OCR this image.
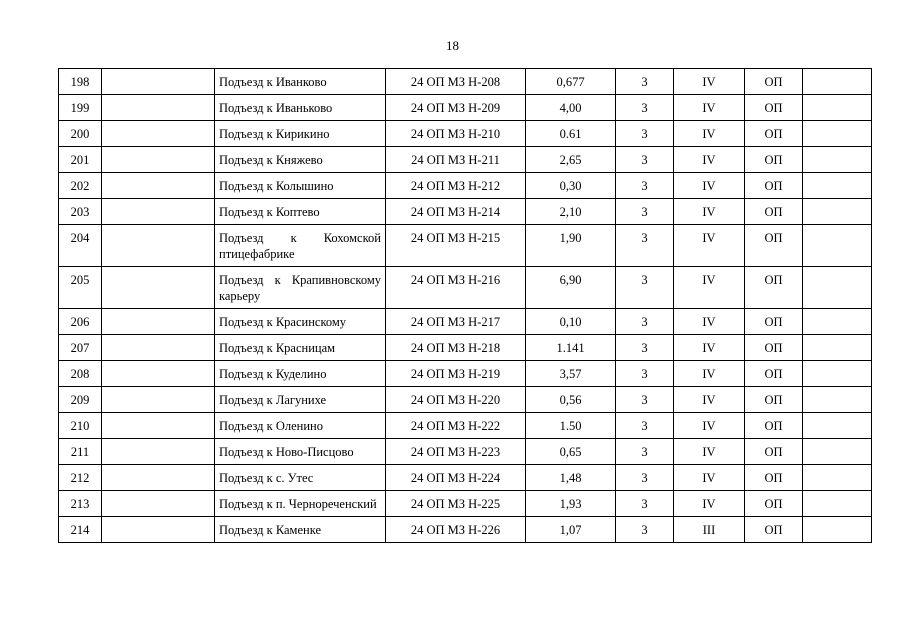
18
198		Подъезд к Иванково	24 ОП МЗ Н-208	0,677	3	IV	ОП	
199		Подъезд к Иваньково	24 ОП МЗ Н-209	4,00	3	IV	ОП	
200		Подъезд к Кирикино	24 ОП МЗ Н-210	0.61	3	IV	ОП	
201		Подъезд к Княжево	24 ОП МЗ Н-211	2,65	3	IV	ОП	
202		Подъезд к Колышино	24 ОП МЗ Н-212	0,30	3	IV	ОП	
203		Подъезд к Коптево	24 ОП МЗ Н-214	2,10	3	IV	ОП	
204		Подъезд к Кохомской птицефабрике	24 ОП МЗ Н-215	1,90	3	IV	ОП	
205		Подъезд к Крапивновскому карьеру	24 ОП МЗ Н-216	6,90	3	IV	ОП	
206		Подъезд к Красинскому	24 ОП МЗ Н-217	0,10	3	IV	ОП	
207		Подъезд к Красницам	24 ОП МЗ Н-218	1.141	3	IV	ОП	
208		Подъезд к Куделино	24 ОП МЗ Н-219	3,57	3	IV	ОП	
209		Подъезд к Лагунихе	24 ОП МЗ Н-220	0,56	3	IV	ОП	
210		Подъезд к Оленино	24 ОП МЗ Н-222	1.50	3	IV	ОП	
211		Подъезд к Ново-Писцово	24 ОП МЗ Н-223	0,65	3	IV	ОП	
212		Подъезд к с. Утес	24 ОП МЗ Н-224	1,48	3	IV	ОП	
213		Подъезд к п. Чернореченский	24 ОП МЗ Н-225	1,93	3	IV	ОП	
214		Подъезд к Каменке	24 ОП МЗ Н-226	1,07	3	III	ОП	
